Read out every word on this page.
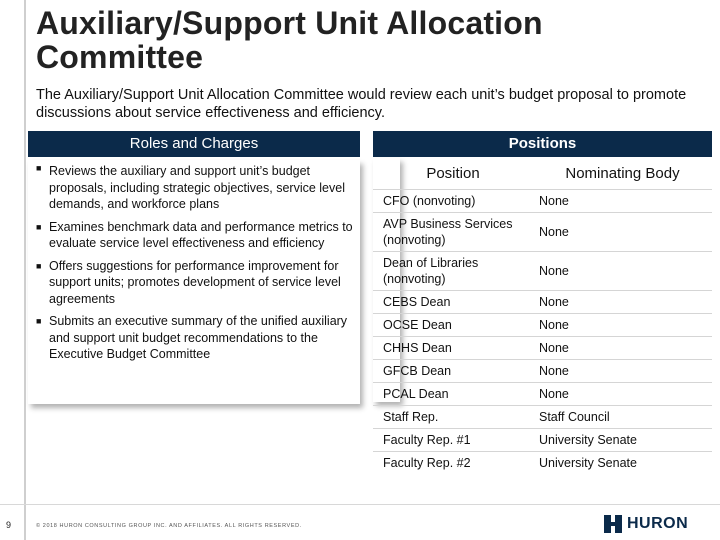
Auxiliary/Support Unit Allocation Committee

The Auxiliary/Support Unit Allocation Committee would review each unit’s budget proposal to promote discussions about service effectiveness and efficiency.

Roles and Charges
■ Reviews the auxiliary and support unit’s budget proposals, including strategic objectives, service level demands, and workforce plans
■ Examines benchmark data and performance metrics to evaluate service level effectiveness and efficiency
■ Offers suggestions for performance improvement for support units; promotes development of service level agreements
■ Submits an executive summary of the unified auxiliary and support unit budget recommendations to the Executive Budget Committee
Positions
Position	Nominating Body
CFO (nonvoting)	None
AVP Business Services (nonvoting)	None
Dean of Libraries (nonvoting)	None
CEBS Dean	None
OCSE Dean	None
CHHS Dean	None
GFCB Dean	None
PCAL Dean	None
Staff Rep.	Staff Council
Faculty Rep. #1	University Senate
Faculty Rep. #2	University Senate
9	© 2018 HURON CONSULTING GROUP INC. AND AFFILIATES. ALL RIGHTS RESERVED.	HURON
